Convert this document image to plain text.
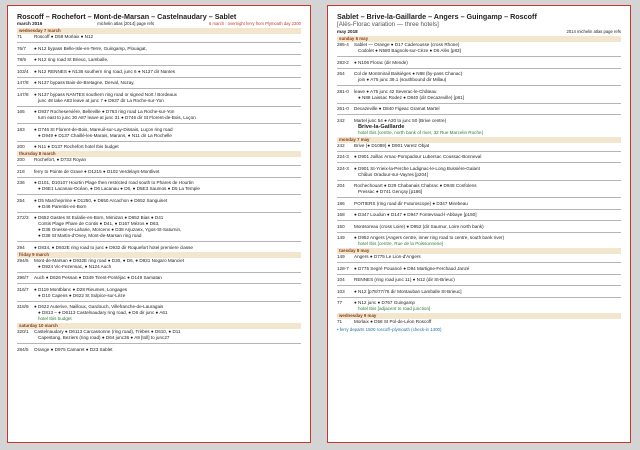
Roscoff – Rochefort – Mont-de-Marsan – Castelnaudary – Sablet
march 2016	michelin atlas [2014] page refs	6 march : overnight ferry from Plymouth day 2200
wednesday 7 march
71	Roscoff ● D58 Morlaix ● N12
76/7	● N12 bypass Belle-Isle-en-Terre, Guingamp, Plouagat,
78/9	● N12 ring road St Brieuc, Lamballe,
103/4	● N12 RENNES ● N136 southern ring road, junc 6 ● N137 dir Nantes
147/8	● N137 bypass Bain-de-Bretagne, Derval, Nozay,
147/8	● N137 bypass NANTES southern ring road or signed Nort / Bordeaux
junc 48 take A83 leave at junc 7 ● D937 dir La Roche-sur-Yon
165	● D937 Rocheservière, Belleville ● D763 ring road La Roche-sur-Yon
turn east to junc 30 A87 leave at junc 31 ● D746 dir St Florent-de-Bois, Luçon
183	● D746 St Florent-de-Bois, Mareuil-sur-Lay-Dissais, Luçon ring road
● D949 ● D137 Chaillé-les-Marais, Marans, ● N11 dir La Rochelle
200	● N11 ● D137 Rochefort hotel Ibis budget
thursday 8 march
200	Rochefort, ● D733 Royan
218	ferry to Pointe de Grave ● D1215 ● D102 Verdelays-Montlivet
236	● D101, D10107 Hourtin Plage then restricted road south to Phares de Hourtin
● D6E1 Lacanau-Océan, ● D6 Lacanau ● D6, ● D5E3 Saumos ● D5 La Temple
254	● D5 Marcheprime ● D1250, ● D650 Arcachon ● D652 Sanguinet
● D46 Parentis-en-Born
272/3	● D652 Gastes St Eulalie-en-Born, Mimizan ● D652 Bias ● D41
Contis Plage Phare de Contis ● D41, ● D167 Mézos ● D63,
● D38 Onesse-et-Laharie, Morcenx ● D38 Arjuzanx, Ygos-St-Saturnin,
● D38 St Martin-d'Oney, Mont-de-Marsan ring road
294	● D834, ● D932E ring road to junc ● D932 dir Roquefort hotel premiere classe
friday 9 march
294/5	Mont-de-Marsan ● D932E ring road ● D30, ● D6, ● D931 Nogaro Manciet
● D924 Vic-Fezensac, ● N124 Auch
296/7	Auch ● D626 Pessan ● D349 Tirent-Pontéjac ● D149 Samatan
316/7	● D119 Montblanc ● D28 Rieumes, Longages
● D10 Capens ● D622 St Sulpice-sur-Lèze
318/9	● D622 Auterive, Nailloux, Gardouch, Villefranche-de-Lauragais
● D813 – ● D6113 Castelnaudary ring road, ● D6 dir junc ● A61
hotel Ibis budget
saturday 10 march
320/1	Castelnaudary ● D6113 Carcassonne (ring road), Trèbes ● D610, ● D11
Capestang, Beziers (ring road) ● D64 junc36 ● A9 [toll] to junc27
284/5	Orange ● D975 Camaret ● D23 Sablet
Sablet – Brive-la-Gaillarde – Angers – Guingamp – Roscoff
[Alès-Florac variation — three hotels]
may 2018	2014 michelin atlas page refs
sunday 6 may
285-4	Sablet — Orange ● D17 Caderousse (cross Rhone)
Codolet ● N580 Bagnols-sur-Cèze ● D6 Alès [p83]
283-2	● N106 Florac (dir Mende)
264	Col de Montmirail Balsièges ● N88 (by-pass Chanac)
join ● A75 junc 39.1 (southbound dir Millau)
281-0	leave ● A75 junc 42 Severac-le-Château
● N88 Laissac Rodez ● D840 (dir Decazeville) [p81]
261-0	Decazeville ● D840 Figeac Gramat Martel
242	Martel junc 54 ● A20 to junc 50 (Brive centre)
Brive-la-Gaillarde
hotel Ibis [centre, north bank of river, 32 Rue Marcelin Roche]
monday 7 may
242	Brive (● D1089) ● D901 Varetz Objat
224-3	● D901 Juillac Arnac-Pompadour Lubersac Coussac-Bonneval
224-3	● D901 St-Yrieix-la-Perche Ladignac-le-Long Bussière-Galant
Châlus Oradour-sur-Vayres [p204]
204	Rochechouart ● D29 Chabanais Chabrac ● D948 Confolens
Pressac ● D741 Gençay [p186]
186	POITIERS (ring road dir Futuroscope) ● D347 Mirebeau
168	● D347 Loudun ● D147 ● D947 Fontevraud-l-Abbaye [p150]
150	Montsoreau (cross Loire) ● D952 (dir Saumur, Loire north bank)
149	● D952 Angers (Angers centre, inner ring road to centre, south bank river)
hotel Ibis [centre, Rue de la Poissonnerie]
tuesday 8 may
149	Angers ● D775 Le Lion-d'Angers
128-7	● D775 Segré Pouancé ● D94 Martigne-Ferchaud Janzé
104	RENNES (ring road junc 11) ● N12 (dir St-Brieuc)
103	● N12 [p78/77/76 dir Montauban Lamballe St-Brieuc]
77	● N12 junc ● D767 Guingamp
hotel Ibis [adjacent to road junction]
wednesday 9 may
71	Morlaix ● D58 St Pol-de-Léon Roscoff
• ferry departs 1500 roscoff–plymouth (check-in 1400)
